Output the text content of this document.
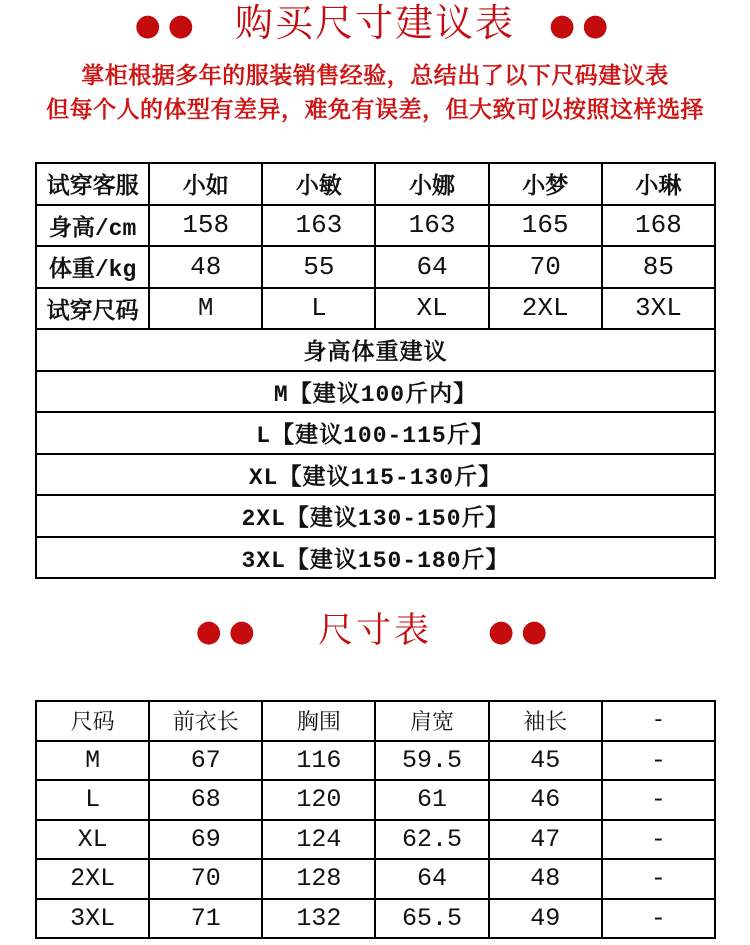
●● 购买尺寸建议表 ●●
掌柜根据多年的服装销售经验，总结出了以下尺码建议表
但每个人的体型有差异，难免有误差，但大致可以按照这样选择
试穿客服	小如	小敏	小娜	小梦	小琳
身高/cm	158	163	163	165	168
体重/kg	48	55	64	70	85
试穿尺码	M	L	XL	2XL	3XL
身高体重建议					
M【建议100斤内】					
L【建议100-115斤】					
XL【建议115-130斤】					
2XL【建议130-150斤】					
3XL【建议150-180斤】					
●● 尺寸表 ●●
尺码	前衣长	胸围	肩宽	袖长	-
M	67	116	59.5	45	-
L	68	120	61	46	-
XL	69	124	62.5	47	-
2XL	70	128	64	48	-
3XL	71	132	65.5	49	-
